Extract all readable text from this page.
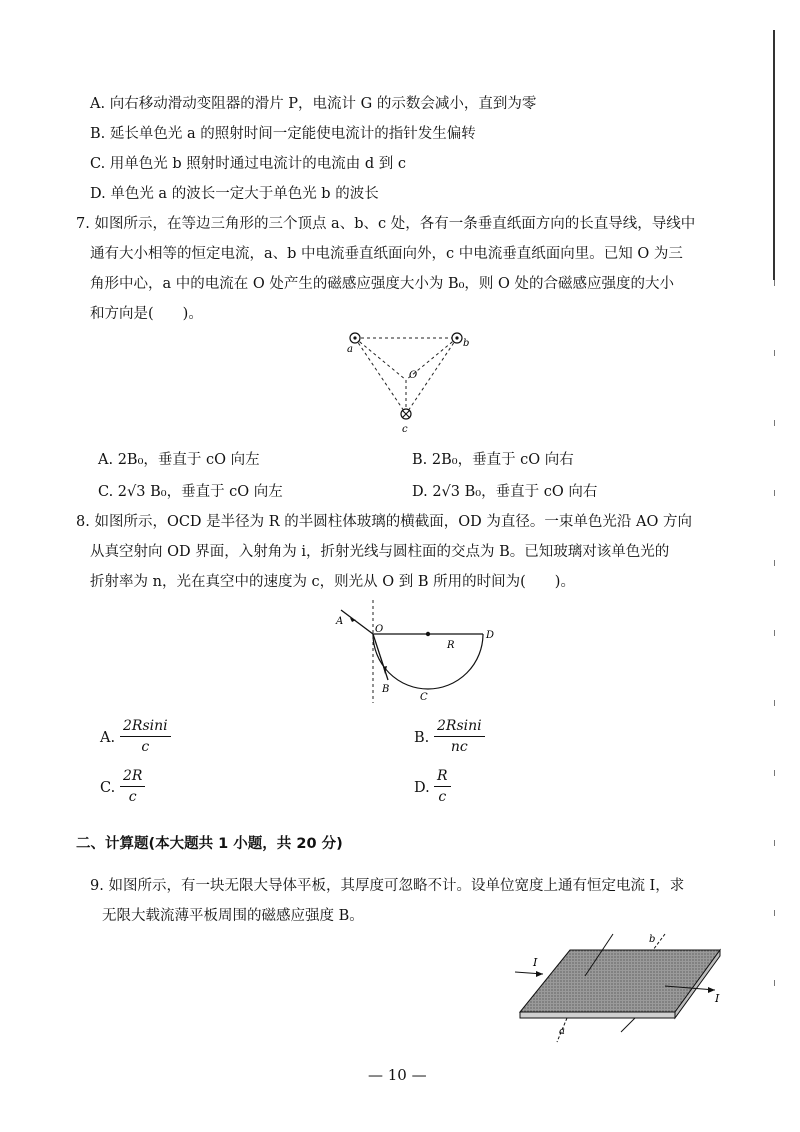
A. 向右移动滑动变阻器的滑片 P，电流计 G 的示数会减小，直到为零
B. 延长单色光 a 的照射时间一定能使电流计的指针发生偏转
C. 用单色光 b 照射时通过电流计的电流由 d 到 c
D. 单色光 a 的波长一定大于单色光 b 的波长
7. 如图所示，在等边三角形的三个顶点 a、b、c 处，各有一条垂直纸面方向的长直导线，导线中
通有大小相等的恒定电流，a、b 中电流垂直纸面向外，c 中电流垂直纸面向里。已知 O 为三
角形中心，a 中的电流在 O 处产生的磁感应强度大小为 B₀，则 O 处的合磁感应强度的大小
和方向是(　　)。
a
b
c
O
A. 2B₀，垂直于 cO 向左	B. 2B₀，垂直于 cO 向右
C. 2√3 B₀，垂直于 cO 向左	D. 2√3 B₀，垂直于 cO 向右
8. 如图所示，OCD 是半径为 R 的半圆柱体玻璃的横截面，OD 为直径。一束单色光沿 AO 方向
从真空射向 OD 界面，入射角为 i，折射光线与圆柱面的交点为 B。已知玻璃对该单色光的
折射率为 n，光在真空中的速度为 c，则光从 O 到 B 所用的时间为(　　)。
A
O
R
D
B
C
A. $\frac{2Rsini}{c}$	B. $\frac{2Rsini}{nc}$
C. $\frac{2R}{c}$	D. $\frac{R}{c}$
二、计算题(本大题共 1 小题，共 20 分)
9. 如图所示，有一块无限大导体平板，其厚度可忽略不计。设单位宽度上通有恒定电流 I，求
无限大载流薄平板周围的磁感应强度 B。
I
I
b
a
— 10 —
